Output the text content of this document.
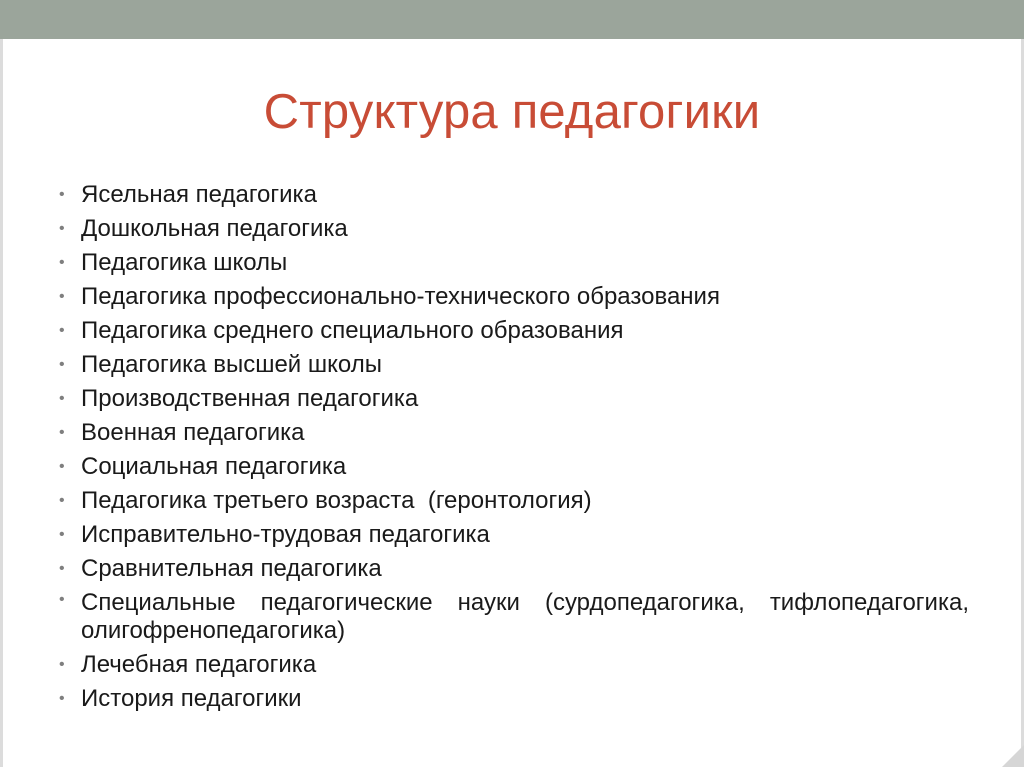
Структура педагогики
• Ясельная педагогика
• Дошкольная педагогика
• Педагогика школы
• Педагогика профессионально-технического образования
• Педагогика среднего специального образования
• Педагогика высшей школы
• Производственная педагогика
• Военная педагогика
• Социальная педагогика
• Педагогика третьего возраста  (геронтология)
• Исправительно-трудовая педагогика
• Сравнительная педагогика
• Специальные педагогические науки (сурдопедагогика, тифлопедагогика, олигофренопедагогика)
• Лечебная педагогика
• История педагогики
